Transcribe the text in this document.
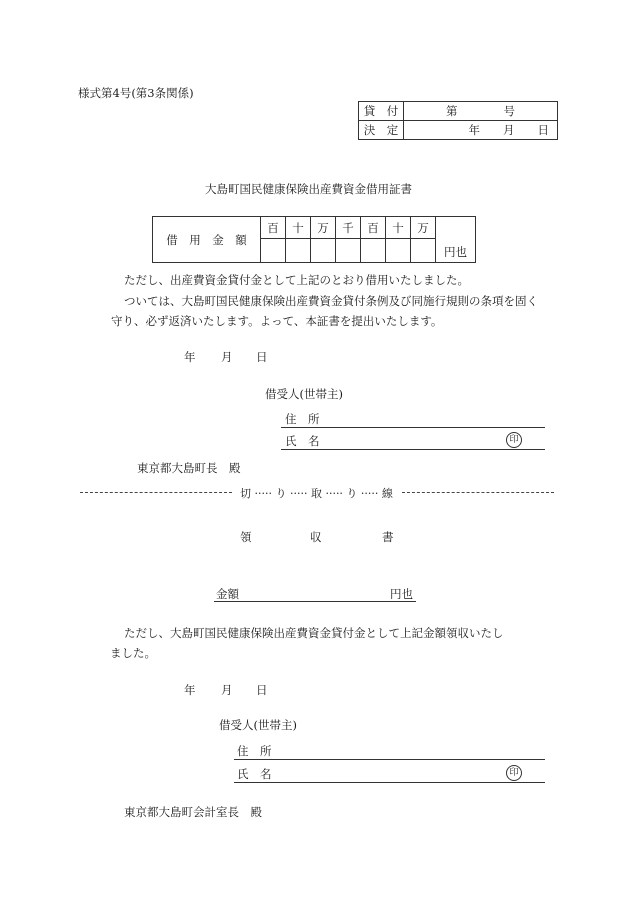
様式第4号(第3条関係)
貸　付	第　　　　号
決　定	年　　月　　日
大島町国民健康保険出産費資金借用証書
借　用　金　額	百	十	万	千	百	十	万	円也

ただし、出産費資金貸付金として上記のとおり借用いたしました。
ついては、大島町国民健康保険出産費資金貸付条例及び同施行規則の条項を固く
守り、必ず返済いたします。よって、本証書を提出いたします。
年 月 日
借受人(世帯主)
住　所
氏　名	印
東京都大島町長　殿
切 ····· り ····· 取 ····· り ····· 線
領	収	書
金額	円也
ただし、大島町国民健康保険出産費資金貸付金として上記金額領収いたし
ました。
年 月 日
借受人(世帯主)
住　所
氏　名	印
東京都大島町会計室長　殿
